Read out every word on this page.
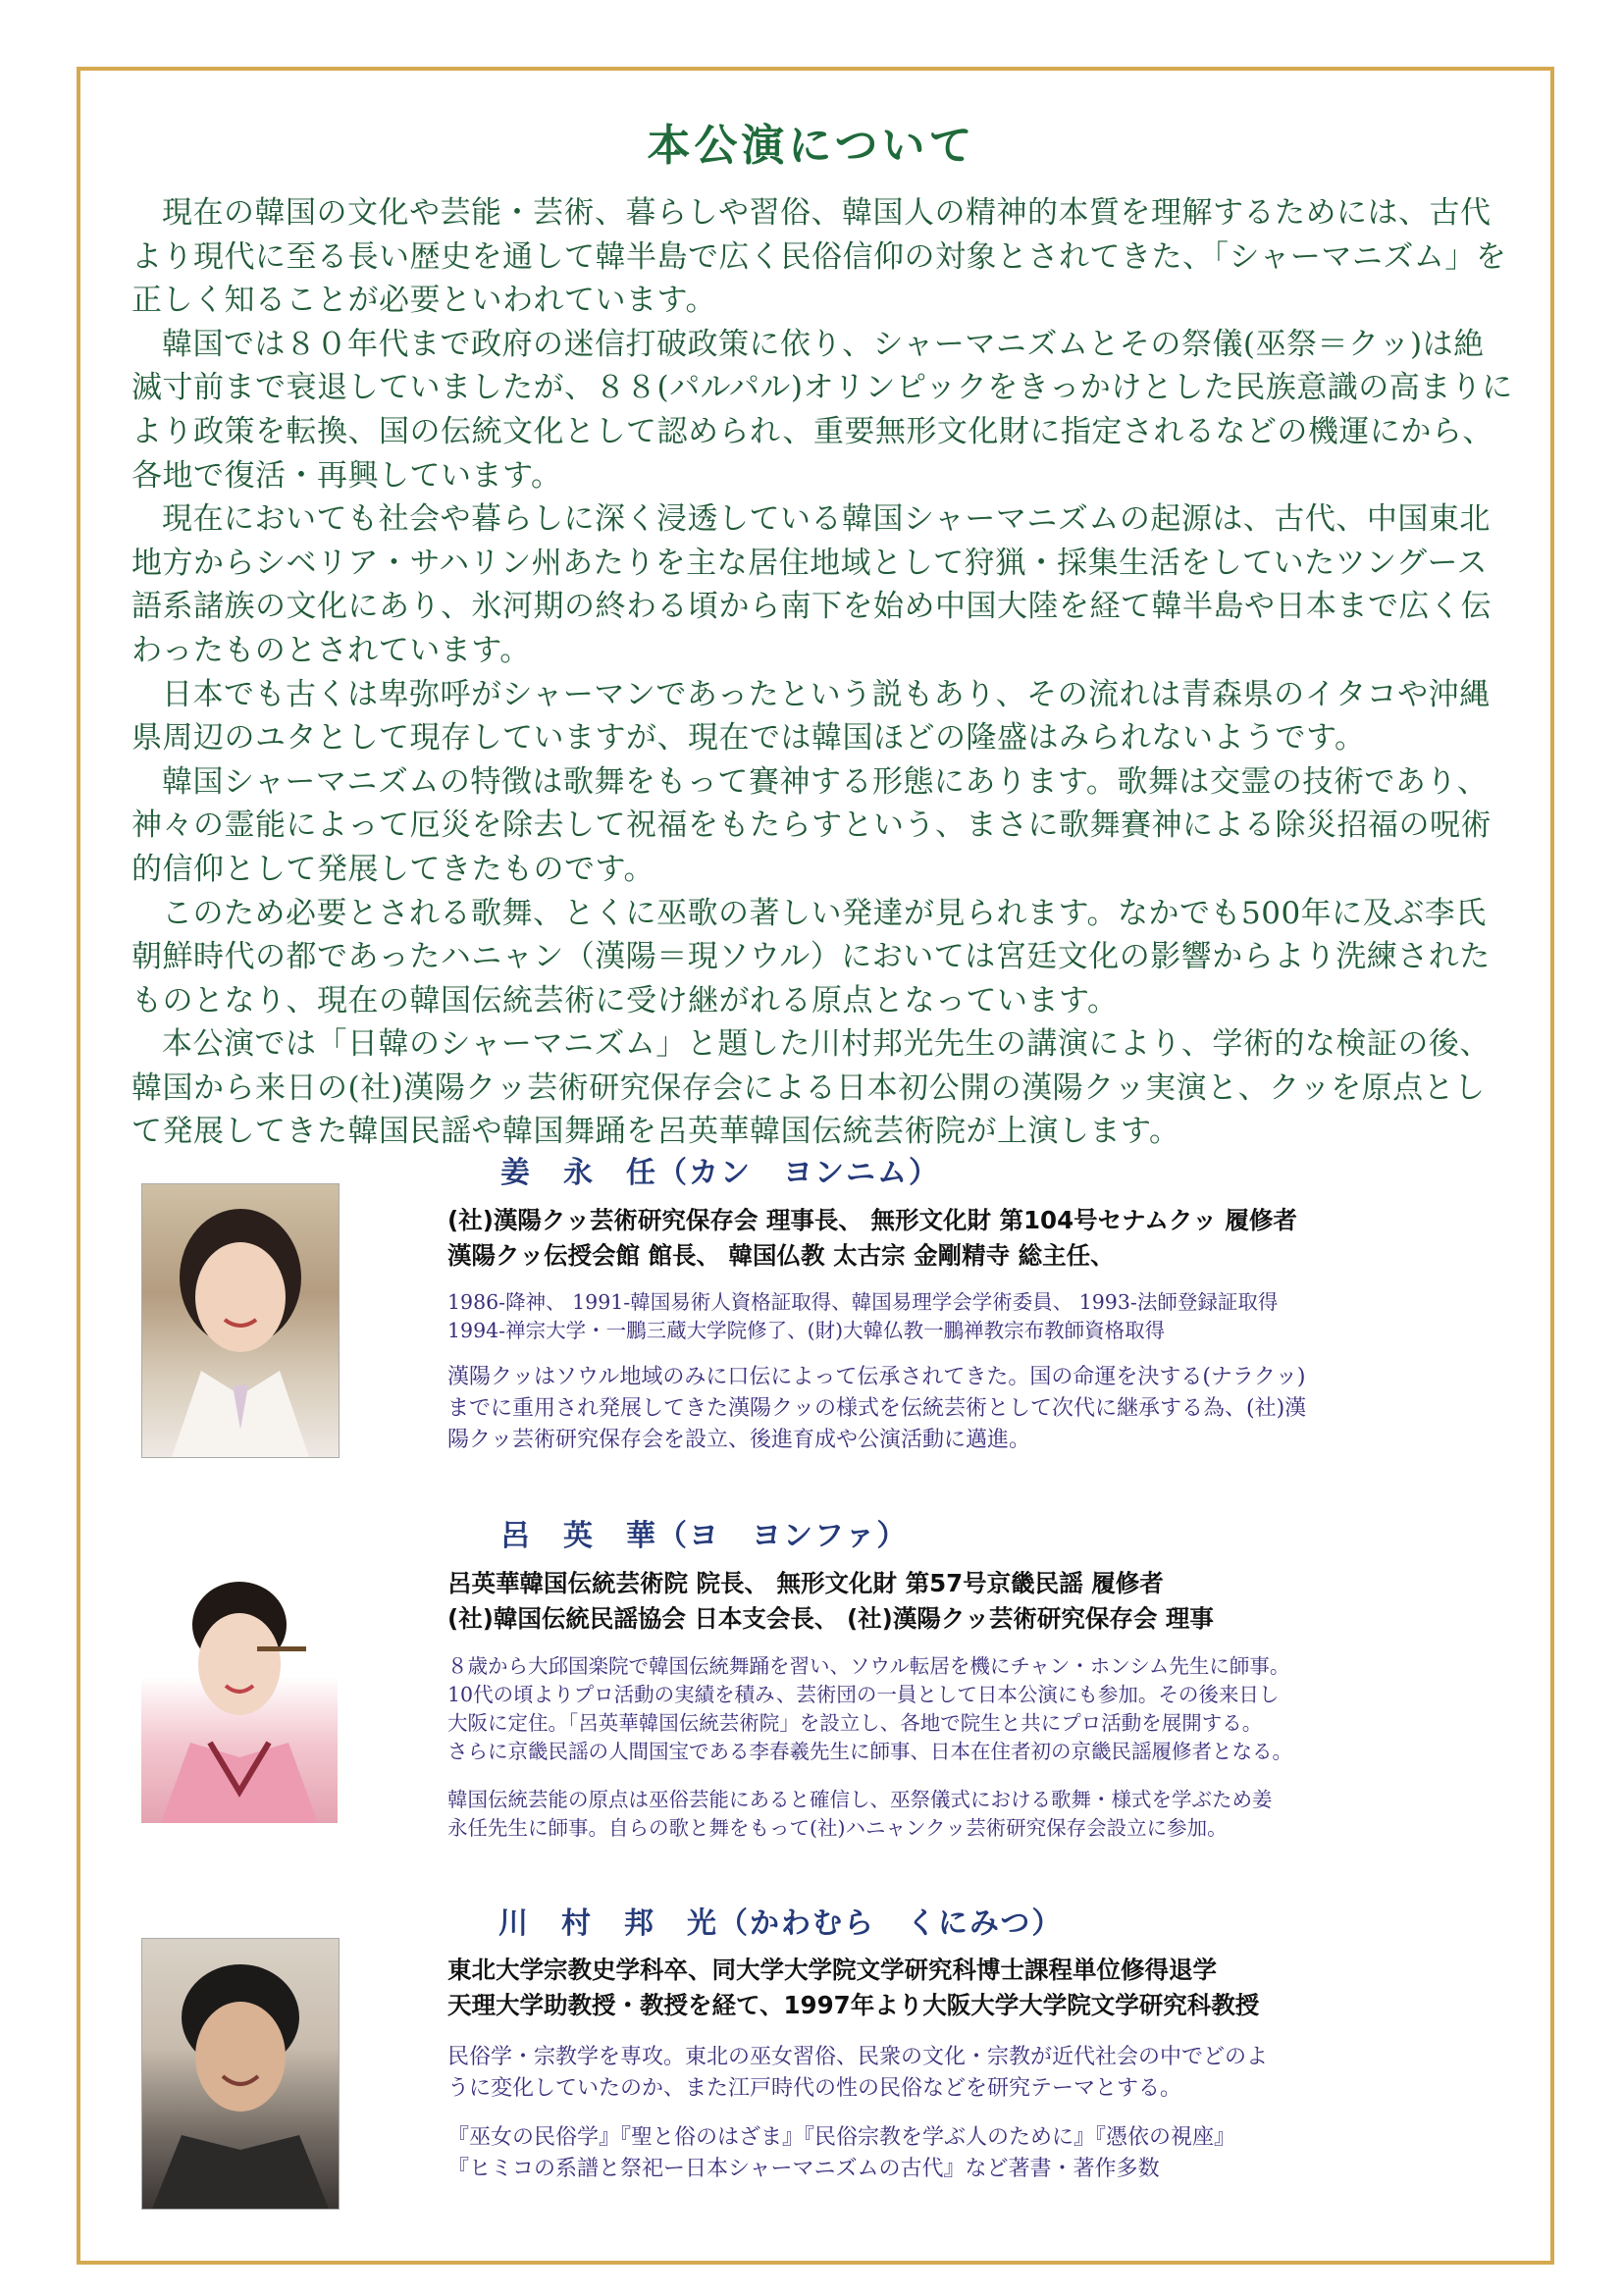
本公演について

現在の韓国の文化や芸能・芸術、暮らしや習俗、韓国人の精神的本質を理解するためには、古代より現代に至る長い歴史を通して韓半島で広く民俗信仰の対象とされてきた、「シャーマニズム」を正しく知ることが必要といわれています。

韓国では８０年代まで政府の迷信打破政策に依り、シャーマニズムとその祭儀(巫祭＝クッ)は絶滅寸前まで衰退していましたが、８８(パルパル)オリンピックをきっかけとした民族意識の高まりにより政策を転換、国の伝統文化として認められ、重要無形文化財に指定されるなどの機運にから、各地で復活・再興しています。

現在においても社会や暮らしに深く浸透している韓国シャーマニズムの起源は、古代、中国東北地方からシベリア・サハリン州あたりを主な居住地域として狩猟・採集生活をしていたツングース語系諸族の文化にあり、氷河期の終わる頃から南下を始め中国大陸を経て韓半島や日本まで広く伝わったものとされています。

日本でも古くは卑弥呼がシャーマンであったという説もあり、その流れは青森県のイタコや沖縄県周辺のユタとして現存していますが、現在では韓国ほどの隆盛はみられないようです。

韓国シャーマニズムの特徴は歌舞をもって賽神する形態にあります。歌舞は交霊の技術であり、神々の霊能によって厄災を除去して祝福をもたらすという、まさに歌舞賽神による除災招福の呪術的信仰として発展してきたものです。

このため必要とされる歌舞、とくに巫歌の著しい発達が見られます。なかでも500年に及ぶ李氏朝鮮時代の都であったハニャン（漢陽＝現ソウル）においては宮廷文化の影響からより洗練されたものとなり、現在の韓国伝統芸術に受け継がれる原点となっています。

本公演では「日韓のシャーマニズム」と題した川村邦光先生の講演により、学術的な検証の後、韓国から来日の(社)漢陽クッ芸術研究保存会による日本初公開の漢陽クッ実演と、クッを原点として発展してきた韓国民謡や韓国舞踊を呂英華韓国伝統芸術院が上演します。

姜　永　任（カン　ヨンニム）
(社)漢陽クッ芸術研究保存会 理事長、 無形文化財 第104号セナムクッ 履修者
漢陽クッ伝授会館 館長、 韓国仏教 太古宗 金剛精寺 総主任、
1986-降神、 1991-韓国易術人資格証取得、韓国易理学会学術委員、 1993-法師登録証取得
1994-禅宗大学・一鵬三蔵大学院修了、(財)大韓仏教一鵬禅教宗布教師資格取得
漢陽クッはソウル地域のみに口伝によって伝承されてきた。国の命運を決する(ナラクッ)
までに重用され発展してきた漢陽クッの様式を伝統芸術として次代に継承する為、(社)漢
陽クッ芸術研究保存会を設立、後進育成や公演活動に邁進。
呂　英　華（ヨ　ヨンファ）
呂英華韓国伝統芸術院 院長、 無形文化財 第57号京畿民謡 履修者
(社)韓国伝統民謡協会 日本支会長、 (社)漢陽クッ芸術研究保存会 理事
８歳から大邱国楽院で韓国伝統舞踊を習い、ソウル転居を機にチャン・ホンシム先生に師事。
10代の頃よりプロ活動の実績を積み、芸術団の一員として日本公演にも参加。その後来日し
大阪に定住。「呂英華韓国伝統芸術院」を設立し、各地で院生と共にプロ活動を展開する。
さらに京畿民謡の人間国宝である李春羲先生に師事、日本在住者初の京畿民謡履修者となる。
韓国伝統芸能の原点は巫俗芸能にあると確信し、巫祭儀式における歌舞・様式を学ぶため姜
永任先生に師事。自らの歌と舞をもって(社)ハニャンクッ芸術研究保存会設立に参加。
川　村　邦　光（かわむら　くにみつ）
東北大学宗教史学科卒、同大学大学院文学研究科博士課程単位修得退学
天理大学助教授・教授を経て、1997年より大阪大学大学院文学研究科教授
民俗学・宗教学を専攻。東北の巫女習俗、民衆の文化・宗教が近代社会の中でどのよ
うに変化していたのか、また江戸時代の性の民俗などを研究テーマとする。
『巫女の民俗学』『聖と俗のはざま』『民俗宗教を学ぶ人のために』『憑依の視座』
『ヒミコの系譜と祭祀ー日本シャーマニズムの古代』など著書・著作多数
